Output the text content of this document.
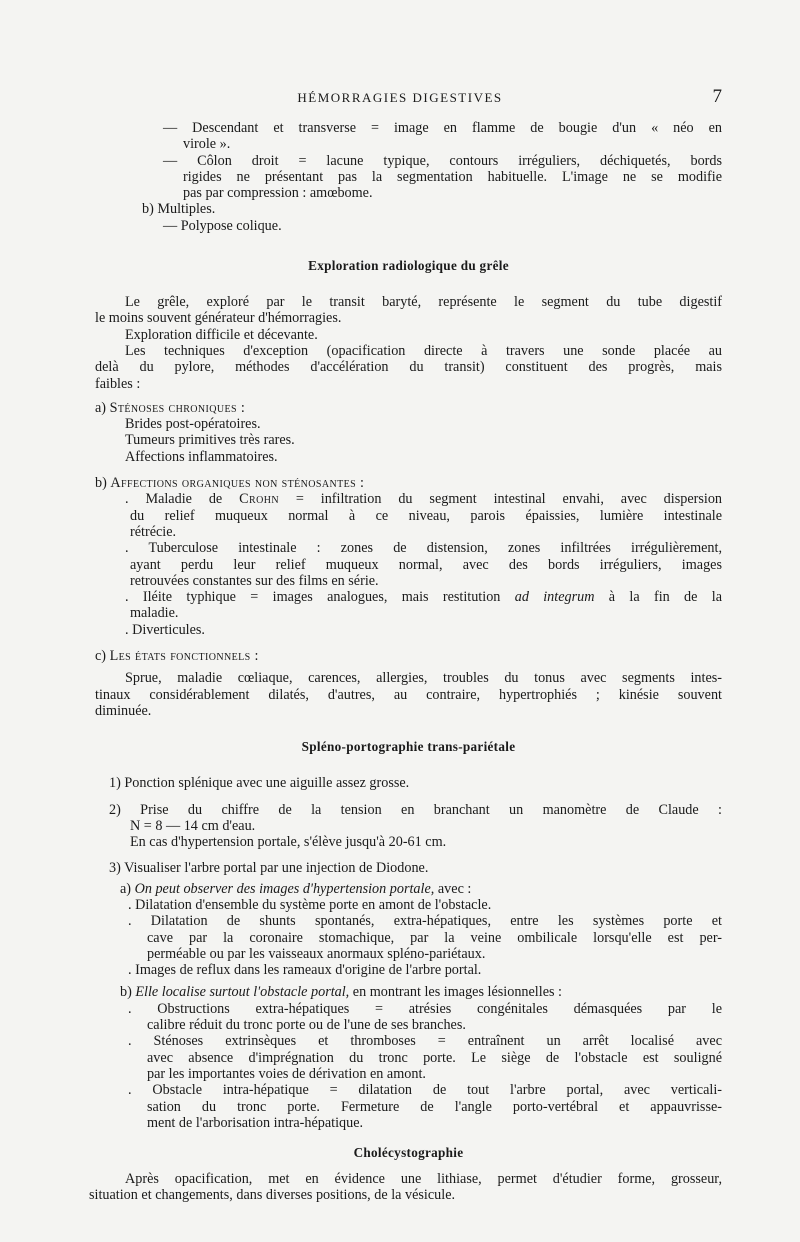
HÉMORRAGIES DIGESTIVES	7
— Descendant et transverse = image en flamme de bougie d'un « néo en
virole ».
— Côlon droit = lacune typique, contours irréguliers, déchiquetés, bords
rigides ne présentant pas la segmentation habituelle. L'image ne se modifie
pas par compression : amœbome.
b) Multiples.
— Polypose colique.
Exploration radiologique du grêle
Le grêle, exploré par le transit baryté, représente le segment du tube digestif
le moins souvent générateur d'hémorragies.
Exploration difficile et décevante.
Les techniques d'exception (opacification directe à travers une sonde placée au
delà du pylore, méthodes d'accélération du transit) constituent des progrès, mais
faibles :
a) Sténoses chroniques :
Brides post-opératoires.
Tumeurs primitives très rares.
Affections inflammatoires.
b) Affections organiques non sténosantes :
. Maladie de Crohn = infiltration du segment intestinal envahi, avec dispersion
du relief muqueux normal à ce niveau, parois épaissies, lumière intestinale
rétrécie.
. Tuberculose intestinale : zones de distension, zones infiltrées irrégulièrement,
ayant perdu leur relief muqueux normal, avec des bords irréguliers, images
retrouvées constantes sur des films en série.
. Iléite typhique = images analogues, mais restitution ad integrum à la fin de la
maladie.
. Diverticules.
c) Les états fonctionnels :
Sprue, maladie cœliaque, carences, allergies, troubles du tonus avec segments intes-
tinaux considérablement dilatés, d'autres, au contraire, hypertrophiés ; kinésie souvent
diminuée.
Spléno-portographie trans-pariétale
1) Ponction splénique avec une aiguille assez grosse.
2) Prise du chiffre de la tension en branchant un manomètre de Claude :
N = 8 — 14 cm d'eau.
En cas d'hypertension portale, s'élève jusqu'à 20-61 cm.
3) Visualiser l'arbre portal par une injection de Diodone.
a) On peut observer des images d'hypertension portale, avec :
. Dilatation d'ensemble du système porte en amont de l'obstacle.
. Dilatation de shunts spontanés, extra-hépatiques, entre les systèmes porte et
cave par la coronaire stomachique, par la veine ombilicale lorsqu'elle est per-
perméable ou par les vaisseaux anormaux spléno-pariétaux.
. Images de reflux dans les rameaux d'origine de l'arbre portal.
b) Elle localise surtout l'obstacle portal, en montrant les images lésionnelles :
. Obstructions extra-hépatiques = atrésies congénitales démasquées par le
calibre réduit du tronc porte ou de l'une de ses branches.
. Sténoses extrinsèques et thromboses = entraînent un arrêt localisé avec
avec absence d'imprégnation du tronc porte. Le siège de l'obstacle est souligné
par les importantes voies de dérivation en amont.
. Obstacle intra-hépatique = dilatation de tout l'arbre portal, avec verticali-
sation du tronc porte. Fermeture de l'angle porto-vertébral et appauvrisse-
ment de l'arborisation intra-hépatique.
Cholécystographie
Après opacification, met en évidence une lithiase, permet d'étudier forme, grosseur,
situation et changements, dans diverses positions, de la vésicule.
